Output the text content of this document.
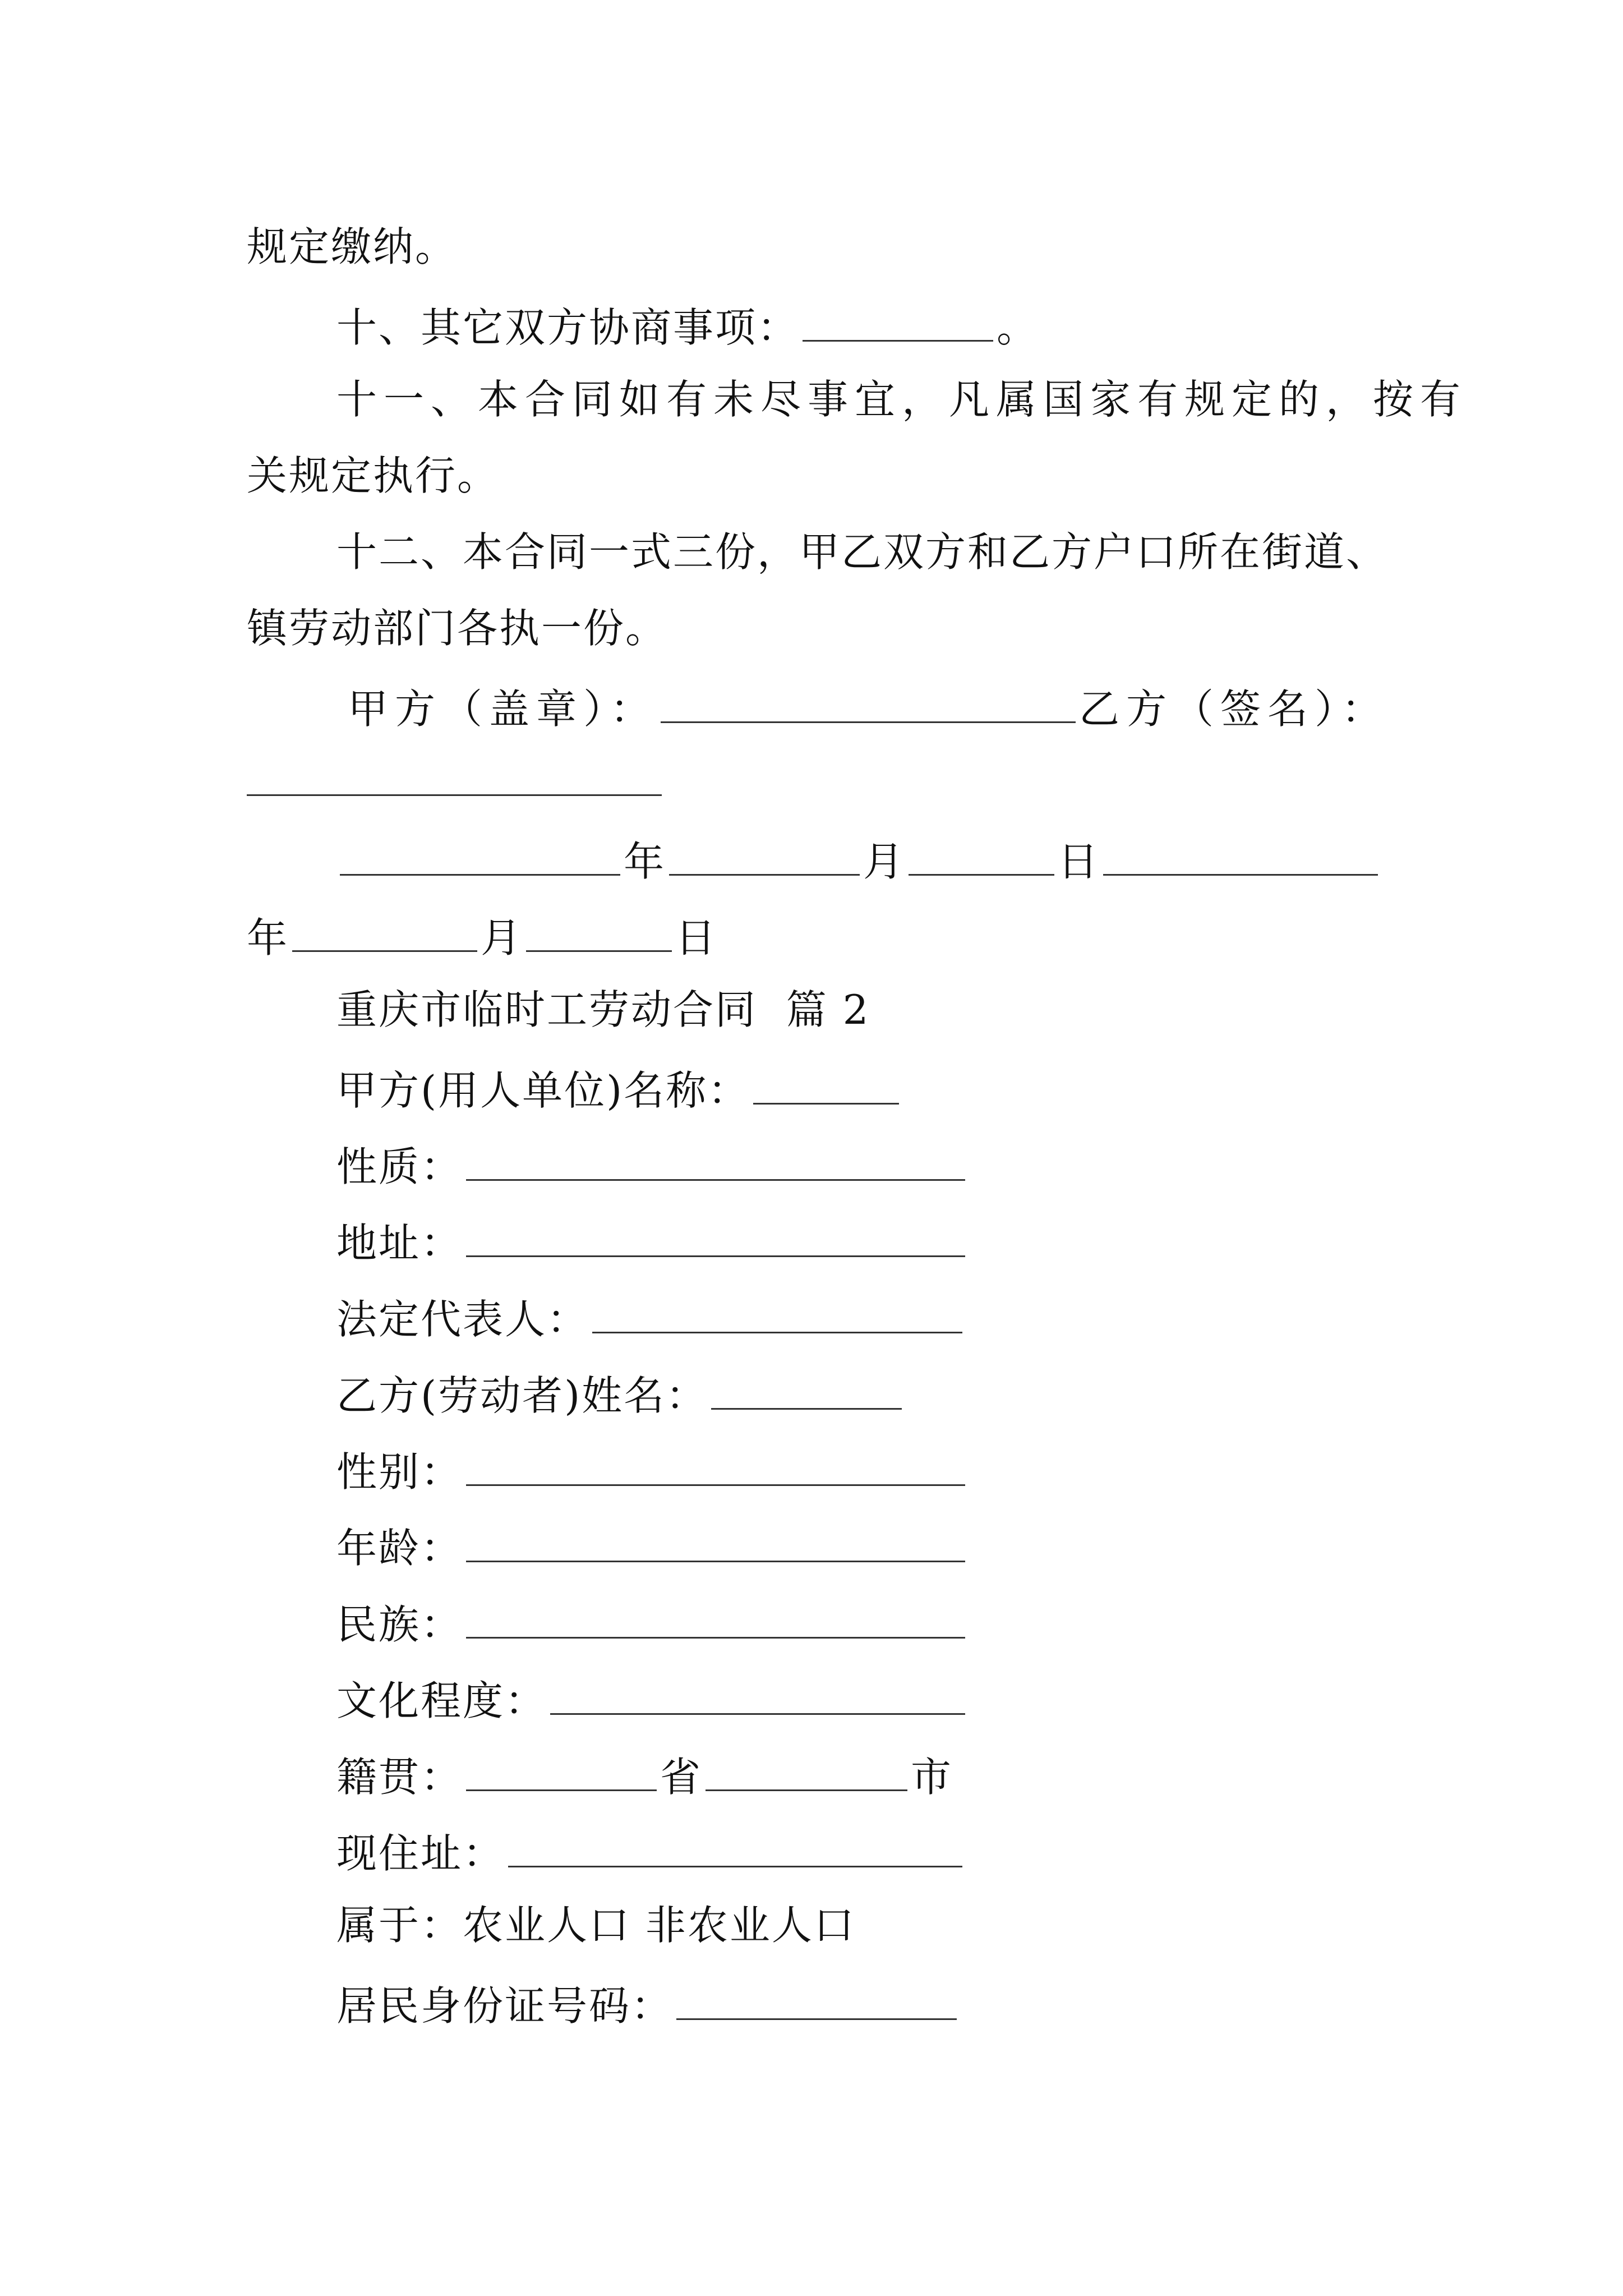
规定缴纳。
十、其它双方协商事项：	。
十一、本合同如有未尽事宜，凡属国家有规定的，按有
关规定执行。
十二、本合同一式三份，甲乙双方和乙方户口所在街道、
镇劳动部门各执一份。
甲方（盖章）：	乙方（签名）：
年	月	日
年	月	日
重庆市临时工劳动合同 篇 2
甲方(用人单位)名称：
性质：
地址：
法定代表人：
乙方(劳动者)姓名：
性别：
年龄：
民族：
文化程度：
籍贯：	省	市
现住址：
属于：农业人口 非农业人口
居民身份证号码：
